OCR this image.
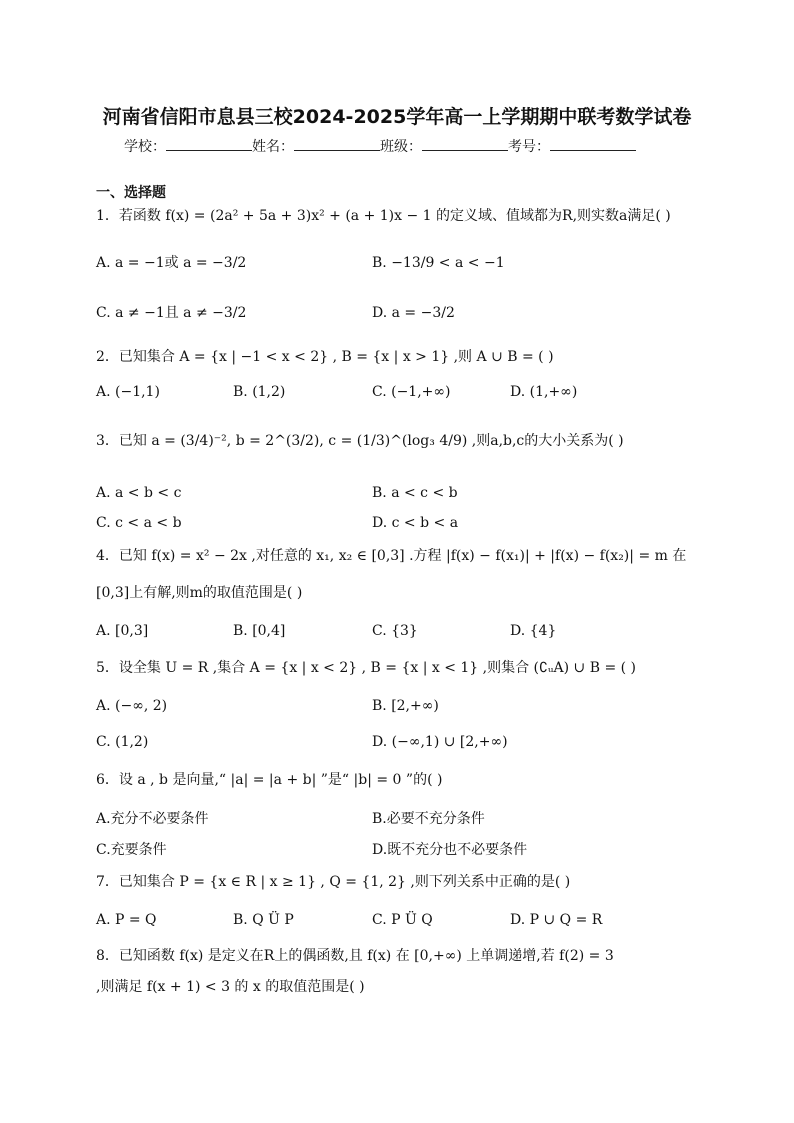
河南省信阳市息县三校2024-2025学年高一上学期期中联考数学试卷
学校：	姓名：	班级：	考号：
一、选择题
1．若函数 f(x) = (2a² + 5a + 3)x² + (a + 1)x − 1 的定义域、值域都为R,则实数a满足( )
A. a = −1或 a = −3/2	B. −13/9 < a < −1
C. a ≠ −1且 a ≠ −3/2	D. a = −3/2
2．已知集合 A = {x | −1 < x < 2} , B = {x | x > 1} ,则 A ∪ B = ( )
A. (−1,1)	B. (1,2)	C. (−1,+∞)	D. (1,+∞)
3．已知 a = (3/4)⁻², b = 2^(3/2), c = (1/3)^(log₃ 4/9) ,则a,b,c的大小关系为( )
A. a < b < c	B. a < c < b
C. c < a < b	D. c < b < a
4．已知 f(x) = x² − 2x ,对任意的 x₁, x₂ ∈ [0,3] .方程 |f(x) − f(x₁)| + |f(x) − f(x₂)| = m 在
[0,3]上有解,则m的取值范围是( )
A. [0,3]	B. [0,4]	C. {3}	D. {4}
5．设全集 U = R ,集合 A = {x | x < 2} , B = {x | x < 1} ,则集合 (∁ᵤA) ∪ B = ( )
A. (−∞, 2)	B. [2,+∞)
C. (1,2)	D. (−∞,1) ∪ [2,+∞)
6．设 a , b 是向量,“ |a| = |a + b| ”是“ |b| = 0 ”的( )
A.充分不必要条件	B.必要不充分条件
C.充要条件	D.既不充分也不必要条件
7．已知集合 P = {x ∈ R | x ≥ 1} , Q = {1, 2} ,则下列关系中正确的是( )
A. P = Q	B. Q Ü P	C. P Ü Q	D. P ∪ Q = R
8．已知函数 f(x) 是定义在R上的偶函数,且 f(x) 在 [0,+∞) 上单调递增,若 f(2) = 3
,则满足 f(x + 1) < 3 的 x 的取值范围是( )
